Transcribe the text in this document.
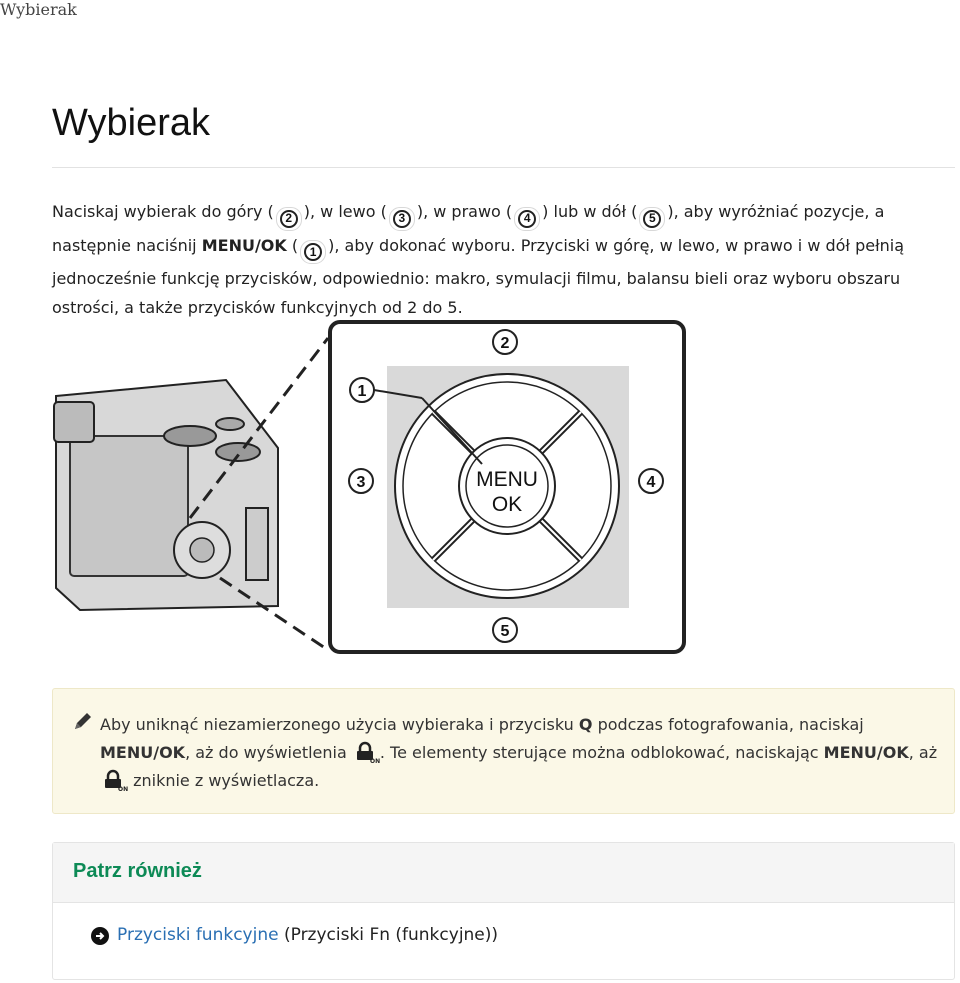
Wybierak
Wybierak
Naciskaj wybierak do góry ( 2 ), w lewo ( 3 ), w prawo ( 4 ) lub w dół ( 5 ), aby wyróżniać pozycje, a następnie naciśnij MENU/OK ( 1 ), aby dokonać wyboru. Przyciski w górę, w lewo, w prawo i w dół pełnią jednocześnie funkcję przycisków, odpowiednio: makro, symulacji filmu, balansu bieli oraz wyboru obszaru ostrości, a także przycisków funkcyjnych od 2 do 5.
MENU
OK
2
1
3	4
5
Aby uniknąć niezamierzonego użycia wybieraka i przycisku Q podczas fotografowania, naciskaj MENU/OK, aż do wyświetlenia	ON . Te elementy sterujące można odblokować, naciskając MENU/OK, aż
ON zniknie z wyświetlacza.
Patrz również
Przyciski funkcyjne (Przyciski Fn (funkcyjne))
